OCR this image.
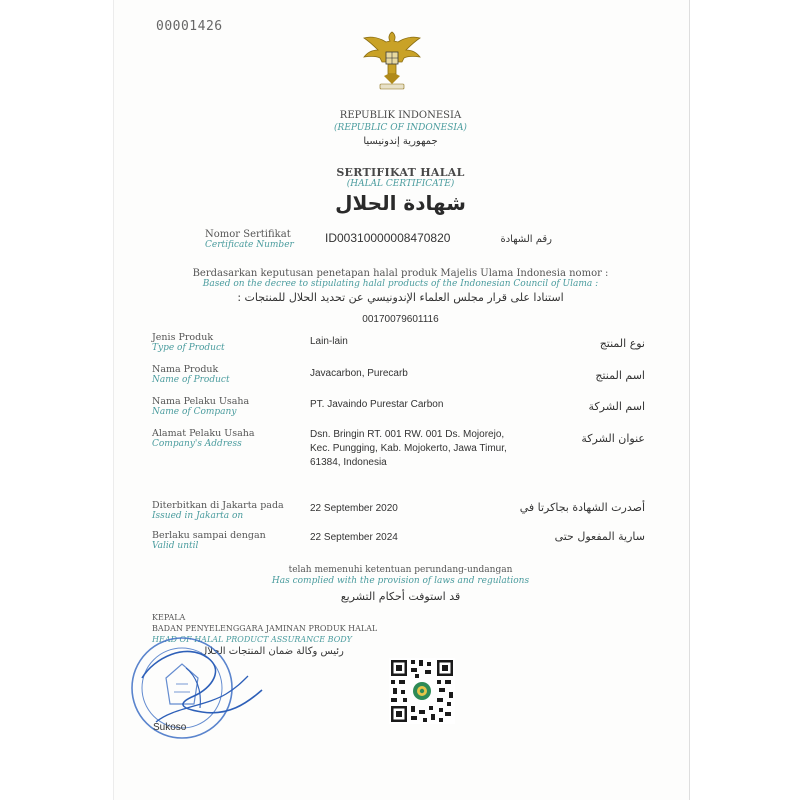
00001426
REPUBLIK INDONESIA
(REPUBLIC OF INDONESIA)
جمهورية إندونيسيا
SERTIFIKAT HALAL
(HALAL CERTIFICATE)
شهادة الحلال
Nomor Sertifikat
Certificate Number	ID00310000008470820	رقم الشهادة
Berdasarkan keputusan penetapan halal produk Majelis Ulama Indonesia nomor :
Based on the decree to stipulating halal products of the Indonesian Council of Ulama :
استنادا على قرار مجلس العلماء الإندونيسي عن تحديد الحلال للمنتجات :
00170079601116
Jenis Produk
Type of Product
Lain-lain	نوع المنتج
Nama Produk
Name of Product
Javacarbon, Purecarb	اسم المنتج
Nama Pelaku Usaha
Name of Company
PT. Javaindo Purestar Carbon	اسم الشركة
Alamat Pelaku Usaha
Company's Address
Dsn. Bringin RT. 001 RW. 001 Ds. Mojorejo, Kec. Pungging, Kab. Mojokerto, Jawa Timur, 61384, Indonesia
عنوان الشركة
Diterbitkan di Jakarta pada
Issued in Jakarta on
22 September 2020	أصدرت الشهادة بجاكرتا في
Berlaku sampai dengan
Valid until
22 September 2024	سارية المفعول حتى
telah memenuhi ketentuan perundang-undangan
Has complied with the provision of laws and regulations
قد استوفت أحكام التشريع
KEPALA
BADAN PENYELENGGARA JAMINAN PRODUK HALAL
HEAD OF HALAL PRODUCT ASSURANCE BODY
رئيس وكالة ضمان المنتجات الحلال
Sukoso
